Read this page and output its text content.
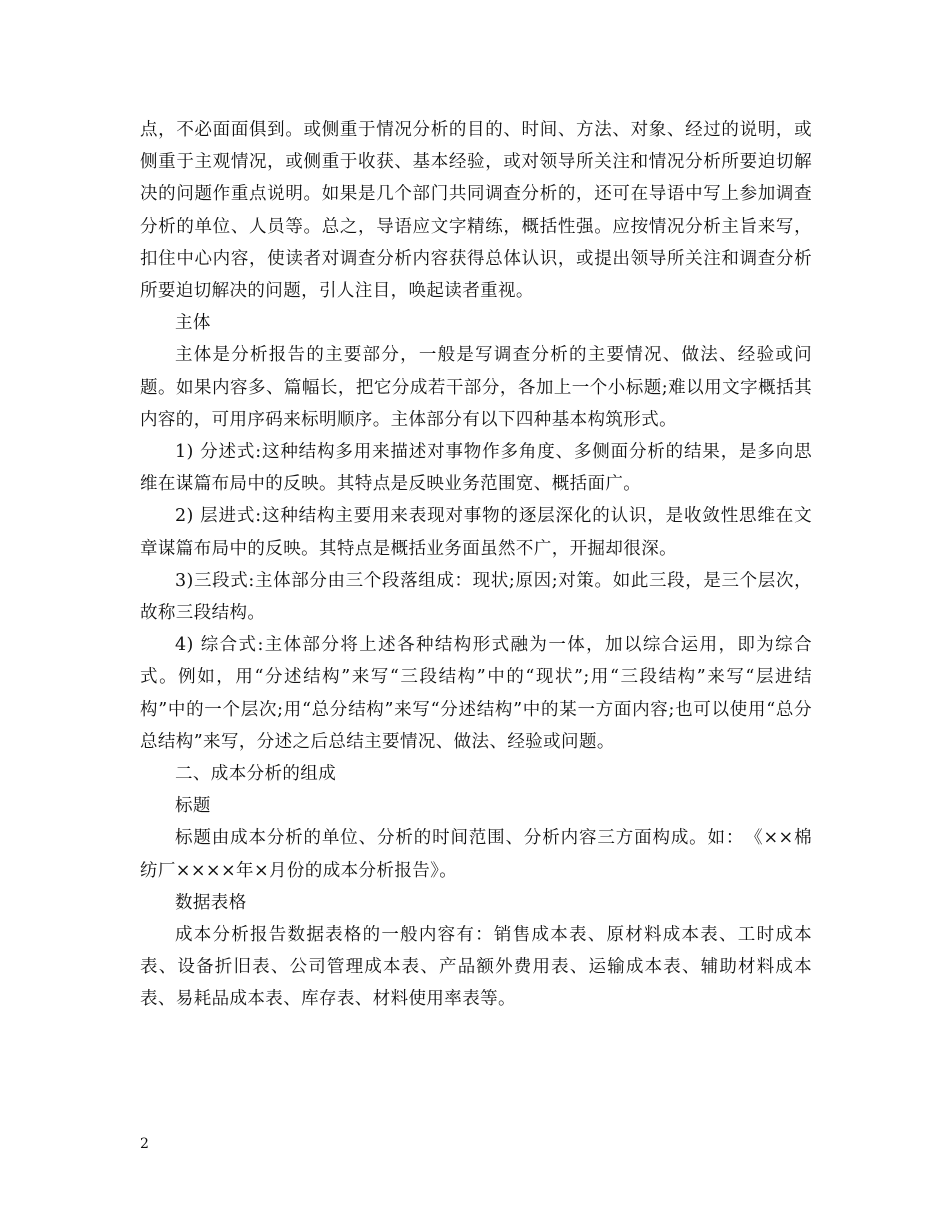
点，不必面面俱到。或侧重于情况分析的目的、时间、方法、对象、经过的说明，或侧重于主观情况，或侧重于收获、基本经验，或对领导所关注和情况分析所要迫切解决的问题作重点说明。如果是几个部门共同调查分析的，还可在导语中写上参加调查分析的单位、人员等。总之，导语应文字精练，概括性强。应按情况分析主旨来写，扣住中心内容，使读者对调查分析内容获得总体认识，或提出领导所关注和调查分析所要迫切解决的问题，引人注目，唤起读者重视。

主体

主体是分析报告的主要部分，一般是写调查分析的主要情况、做法、经验或问题。如果内容多、篇幅长，把它分成若干部分，各加上一个小标题;难以用文字概括其内容的，可用序码来标明顺序。主体部分有以下四种基本构筑形式。

1) 分述式:这种结构多用来描述对事物作多角度、多侧面分析的结果，是多向思维在谋篇布局中的反映。其特点是反映业务范围宽、概括面广。

2) 层进式:这种结构主要用来表现对事物的逐层深化的认识，是收敛性思维在文章谋篇布局中的反映。其特点是概括业务面虽然不广，开掘却很深。

3)三段式:主体部分由三个段落组成：现状;原因;对策。如此三段，是三个层次，故称三段结构。

4) 综合式:主体部分将上述各种结构形式融为一体，加以综合运用，即为综合式。例如，用“分述结构”来写“三段结构”中的“现状”;用“三段结构”来写“层进结构”中的一个层次;用“总分结构”来写“分述结构”中的某一方面内容;也可以使用“总分总结构”来写，分述之后总结主要情况、做法、经验或问题。

二、成本分析的组成

标题

标题由成本分析的单位、分析的时间范围、分析内容三方面构成。如：　《××棉纺厂××××年×月份的成本分析报告》。

数据表格

成本分析报告数据表格的一般内容有：销售成本表、原材料成本表、工时成本表、设备折旧表、公司管理成本表、产品额外费用表、运输成本表、辅助材料成本表、易耗品成本表、库存表、材料使用率表等。

2
